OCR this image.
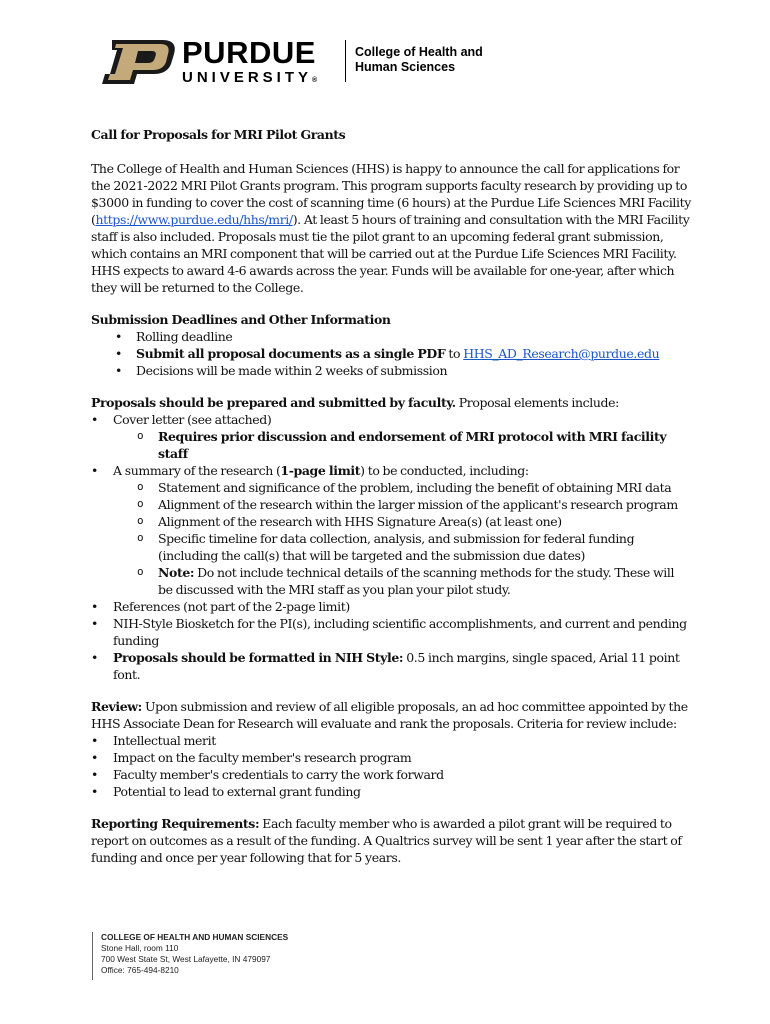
PURDUE
UNIVERSITY®
College of Health and
Human Sciences

Call for Proposals for MRI Pilot Grants

The College of Health and Human Sciences (HHS) is happy to announce the call for applications for the 2021-2022 MRI Pilot Grants program. This program supports faculty research by providing up to $3000 in funding to cover the cost of scanning time (6 hours) at the Purdue Life Sciences MRI Facility (https://www.purdue.edu/hhs/mri/). At least 5 hours of training and consultation with the MRI Facility staff is also included. Proposals must tie the pilot grant to an upcoming federal grant submission, which contains an MRI component that will be carried out at the Purdue Life Sciences MRI Facility. HHS expects to award 4-6 awards across the year. Funds will be available for one-year, after which they will be returned to the College.

Submission Deadlines and Other Information

• Rolling deadline
• Submit all proposal documents as a single PDF to HHS_AD_Research@purdue.edu
• Decisions will be made within 2 weeks of submission

Proposals should be prepared and submitted by faculty. Proposal elements include:

• Cover letter (see attached)
o Requires prior discussion and endorsement of MRI protocol with MRI facility staff
• A summary of the research (1-page limit) to be conducted, including:
o Statement and significance of the problem, including the benefit of obtaining MRI data
o Alignment of the research within the larger mission of the applicant's research program
o Alignment of the research with HHS Signature Area(s) (at least one)
o Specific timeline for data collection, analysis, and submission for federal funding (including the call(s) that will be targeted and the submission due dates)
o Note: Do not include technical details of the scanning methods for the study. These will be discussed with the MRI staff as you plan your pilot study.
• References (not part of the 2-page limit)
• NIH-Style Biosketch for the PI(s), including scientific accomplishments, and current and pending funding
• Proposals should be formatted in NIH Style: 0.5 inch margins, single spaced, Arial 11 point font.

Review: Upon submission and review of all eligible proposals, an ad hoc committee appointed by the HHS Associate Dean for Research will evaluate and rank the proposals. Criteria for review include:

• Intellectual merit
• Impact on the faculty member's research program
• Faculty member's credentials to carry the work forward
• Potential to lead to external grant funding

Reporting Requirements: Each faculty member who is awarded a pilot grant will be required to report on outcomes as a result of the funding. A Qualtrics survey will be sent 1 year after the start of funding and once per year following that for 5 years.

COLLEGE OF HEALTH AND HUMAN SCIENCES
Stone Hall, room 110
700 West State St, West Lafayette, IN 479097
Office: 765-494-8210
